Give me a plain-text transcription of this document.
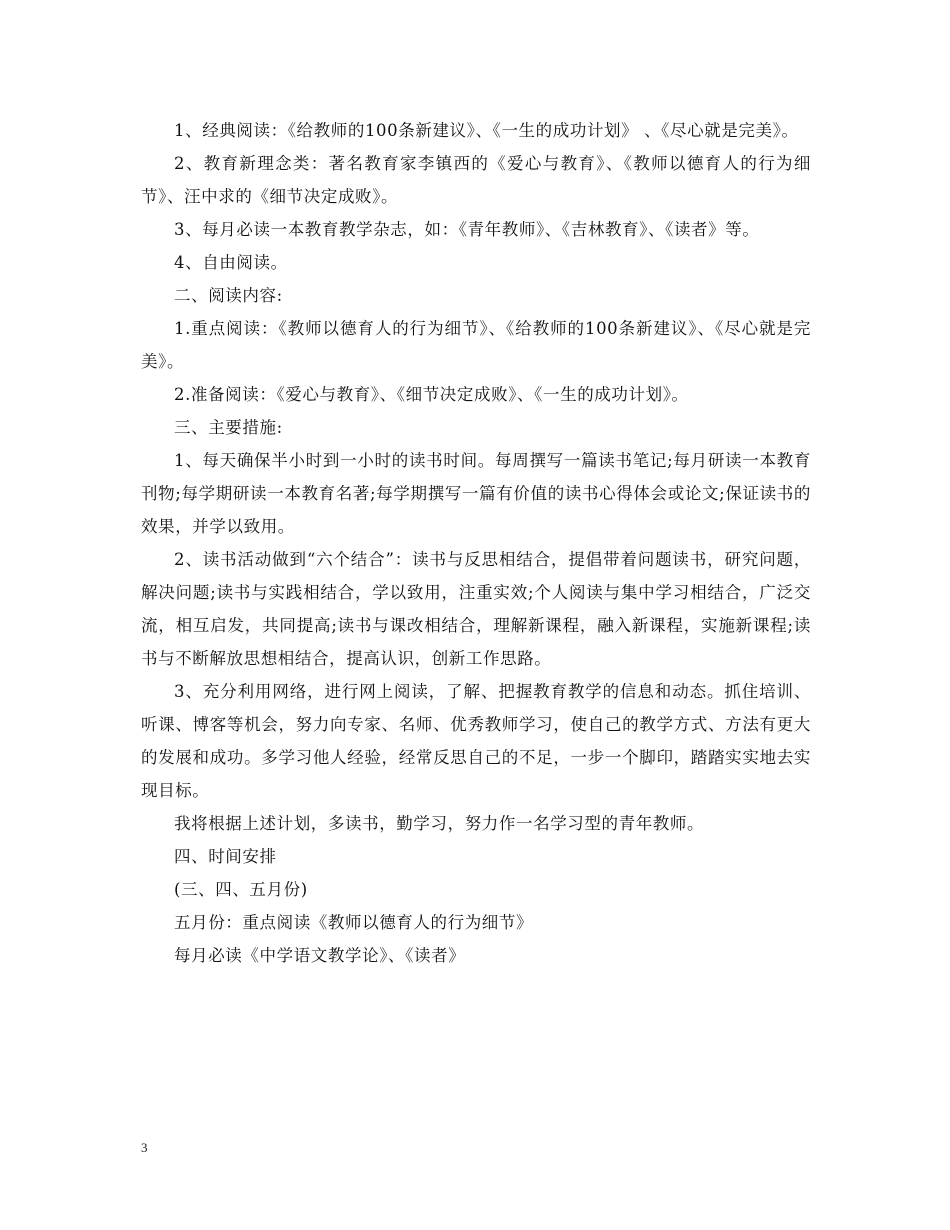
1、经典阅读：《给教师的100条新建议》、《一生的成功计划》 、《尽心就是完美》。

2、教育新理念类：著名教育家李镇西的《爱心与教育》、《教师以德育人的行为细节》、汪中求的《细节决定成败》。

3、每月必读一本教育教学杂志，如：《青年教师》、《吉林教育》、《读者》等。

4、自由阅读。

二、阅读内容:

1.重点阅读：《教师以德育人的行为细节》、《给教师的100条新建议》、《尽心就是完美》。

2.准备阅读：《爱心与教育》、《细节决定成败》、《一生的成功计划》。

三、主要措施:

1、每天确保半小时到一小时的读书时间。每周撰写一篇读书笔记;每月研读一本教育刊物;每学期研读一本教育名著;每学期撰写一篇有价值的读书心得体会或论文;保证读书的效果，并学以致用。

2、读书活动做到“六个结合”：读书与反思相结合，提倡带着问题读书，研究问题，解决问题;读书与实践相结合，学以致用，注重实效;个人阅读与集中学习相结合，广泛交流，相互启发，共同提高;读书与课改相结合，理解新课程，融入新课程，实施新课程;读书与不断解放思想相结合，提高认识，创新工作思路。

3、充分利用网络，进行网上阅读，了解、把握教育教学的信息和动态。抓住培训、听课、博客等机会，努力向专家、名师、优秀教师学习，使自己的教学方式、方法有更大的发展和成功。多学习他人经验，经常反思自己的不足，一步一个脚印，踏踏实实地去实现目标。

我将根据上述计划，多读书，勤学习，努力作一名学习型的青年教师。

四、时间安排

(三、四、五月份)

五月份：重点阅读《教师以德育人的行为细节》

每月必读《中学语文教学论》、《读者》

3
